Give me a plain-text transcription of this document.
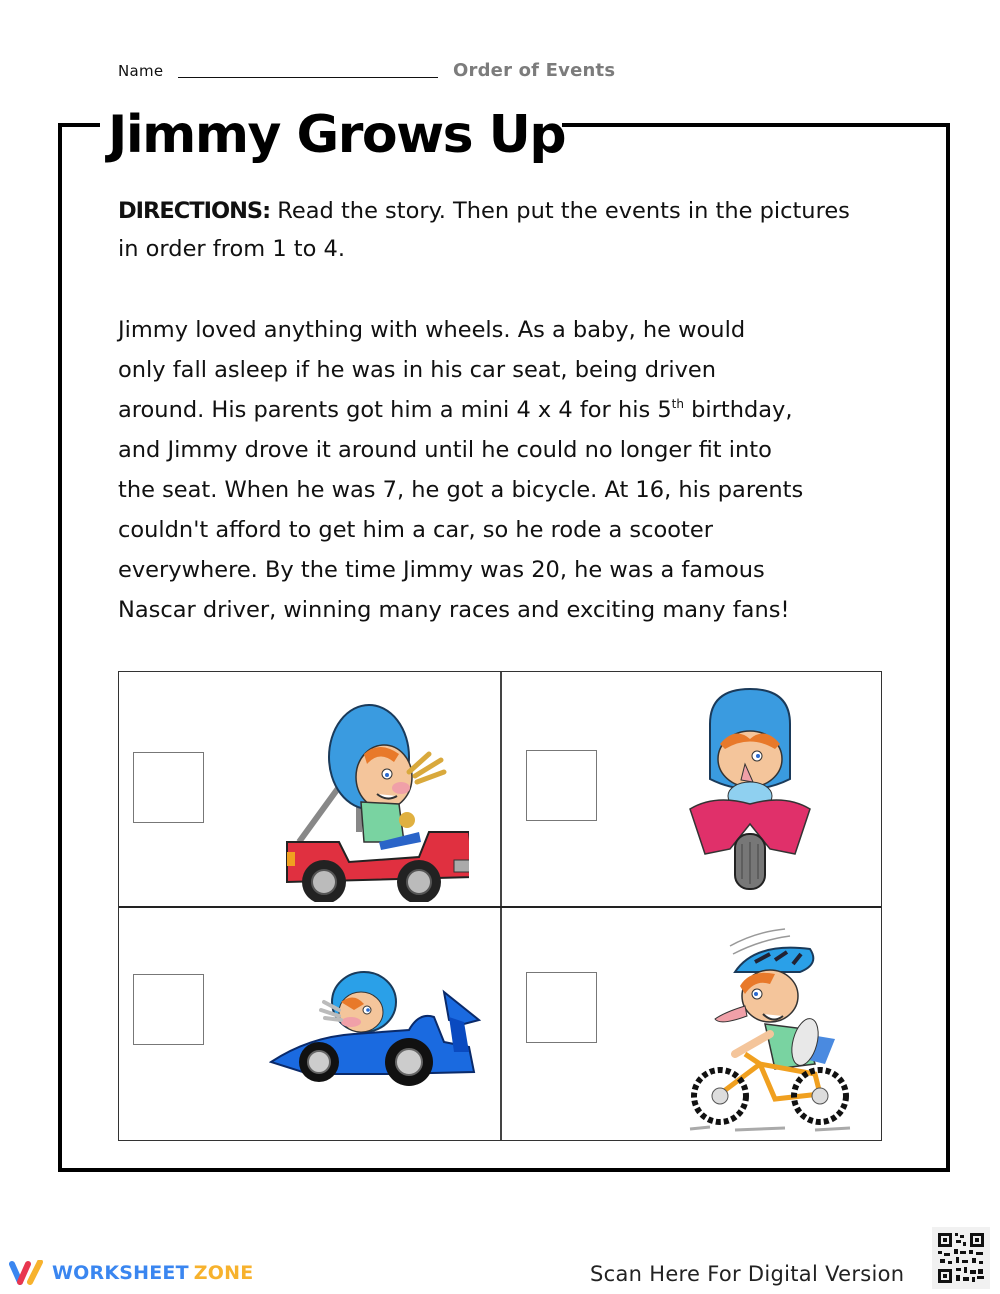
Name	Order of Events
Jimmy Grows Up
DIRECTIONS: Read the story. Then put the events in the pictures in order from 1 to 4.
Jimmy loved anything with wheels. As a baby, he would
only fall asleep if he was in his car seat, being driven
around. His parents got him a mini 4 x 4 for his 5th birthday,
and Jimmy drove it around until he could no longer fit into
the seat. When he was 7, he got a bicycle. At 16, his parents
couldn't afford to get him a car, so he rode a scooter
everywhere. By the time Jimmy was 20, he was a famous
Nascar driver, winning many races and exciting many fans!
WORKSHEET ZONE	Scan Here For Digital Version
